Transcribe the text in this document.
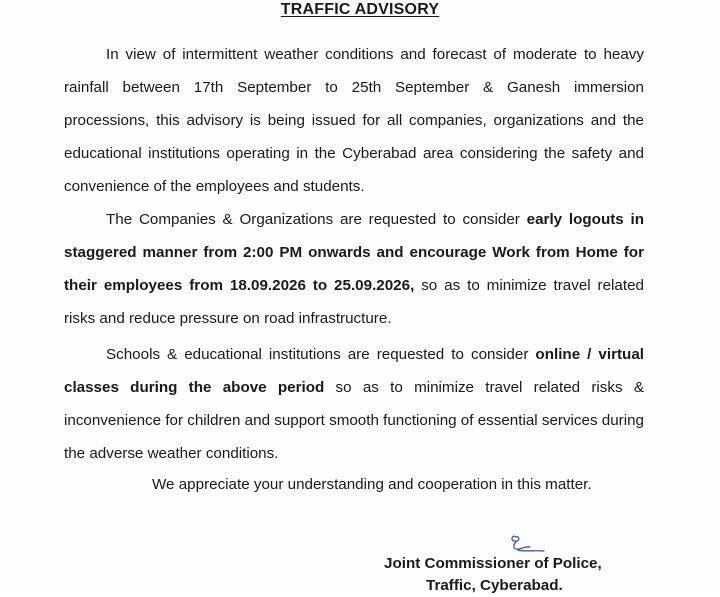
TRAFFIC ADVISORY

In view of intermittent weather conditions and forecast of moderate to heavy rainfall between 17th September to 25th September & Ganesh immersion processions, this advisory is being issued for all companies, organizations and the educational institutions operating in the Cyberabad area considering the safety and convenience of the employees and students.

The Companies & Organizations are requested to consider early logouts in staggered manner from 2:00 PM onwards and encourage Work from Home for their employees from 18.09.2026 to 25.09.2026, so as to minimize travel related risks and reduce pressure on road infrastructure.

Schools & educational institutions are requested to consider online / virtual classes during the above period so as to minimize travel related risks & inconvenience for children and support smooth functioning of essential services during the adverse weather conditions.

We appreciate your understanding and cooperation in this matter.
Joint Commissioner of Police,
Traffic, Cyberabad.
